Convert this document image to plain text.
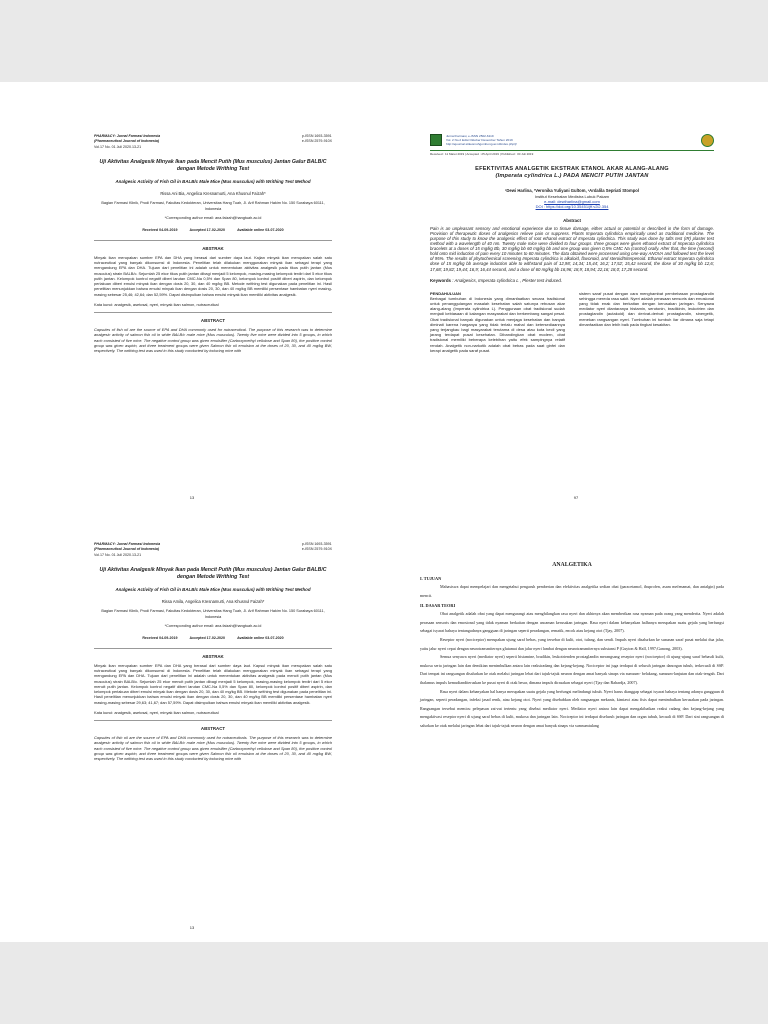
PHARMACY: Jurnal Farmasi Indonesia
(Pharmaceutical Journal of Indonesia)
Vol.17 No. 01 Juli 2020.13-21
p-ISSN 1693-3591
e-ISSN 2579-910X
Uji Aktivitas Analgesik Minyak Ikan pada Mencit Putih (Mus musculus) Jantan Galur BALB/C dengan Metode Writhing Test
Analgesic Activity of Fish Oil in BALB/c Male Mice (Mus musculus) with Writhing Test Method
Rissa Ani Bia, Angelica Kresnamurti, Ana Khusnul Faizah*
Bagian Farmasi Klinik, Prodi Farmasi, Fakultas Kedokteran, Universitas Hang Tuah, Jl. Arif Rahman Hakim No. 150 Surabaya 60111, Indonesia
*Corresponding author email: ana.faizah@hangtuah.ac.id
Received 04-09-2019	Accepted 17-02-2020	Available online 03-07-2020
ABSTRAK
Minyak ikan merupakan sumber EPA dan DHA yang berasal dari sumber daya laut. Kajian minyak ikan merupakan salah satu nutraceutical yang banyak dikonsumsi di Indonesia. Penelitian telah dilakukan menggunakan minyak ikan sebagai terapi yang mengandung EPA dan DHA. Tujuan dari penelitian ini adalah untuk menentukan aktivitas analgesik pada tikus putih jantan (Mus musculus) strain BALB/c. Sejumlah 25 ekor tikus putih jantan dibagi menjadi 5 kelompok, masing-masing kelompok terdiri dari 5 ekor tikus putih jantan. Kelompok kontrol negatif diberi larutan CMC-Na 0,5% dan Span 80, kelompok kontrol positif diberi aspirin, dan kelompok perlakuan diberi emulsi minyak ikan dengan dosis 20, 30, dan 40 mg/kg BB. Metode writhing test digunakan pada penelitian ini. Hasil penelitian menunjukkan bahwa emulsi minyak ikan dengan dosis 20, 30, dan 40 mg/kg BB memiliki persentase hambatan nyeri masing-masing sebesar 25,46; 42,64; dan 52,59%. Dapat disimpulkan bahwa emulsi minyak ikan memiliki aktivitas analgesik.
Kata kunci: analgesik, asetosal, nyeri, minyak ikan salmon, nutraceutical
ABSTRACT
Capsules of fish oil are the source of EPA and DHA commonly used for nutraceutical. The purpose of this research was to determine analgesic activity of salmon fish oil in white BALB/c male mice (Mus musculus). Twenty five mice were divided into 5 groups, in which each consisted of five mice. The negative control group was given emulsifier (Carboxymethyl cellulose and Span 80), the positive control group was given aspirin, and three treatment groups were given Salmon fish oil emulsion at the doses of 20, 30, and 40 mg/kg BW, respectively. The writhing test was used in this study conducted by inducing mice with
13
Jurnal Farmasi, e-ISSN 2502-6119
Vol. 2 No.2 Edisi Oktober Desember Tahun 2019
http://ejournal.stikesmuhgombong.ac.id/index.php/jf
Received : 11 Maret 2019 | Accepted : 25 April 2019 | Published : 30 Juli 2019
EFEKTIVITAS ANALGETIK EKSTRAK ETANOL AKAR ALANG-ALANG
(Imperata cylindrica L.) PADA MENCIT PUTIH JANTAN
¹Dewi Harlina, ²Veronika Yuliyani Gultom, ³Ardalila Sepriati Stompol
Institut Kesehatan Medistra Lubuk Pakam
e-mail: dewiharlina@gmail.com
DOI : https://doi.org/10.35451/jff.v2i2.354
Abstract
Pain is an unpleasant sensory and emotional experience due to tissue damage, either actual or potential or described in the form of damage. Provision of therapeutic doses of analgesics relieve pain or suppress. Plants Imperata cylindrica empirically used as traditional medicine. The purpose of this study to know the analgesic effect of root ethanol extract of Imperata cylindrica. This study was done by tafts test (IR) plaster test method with a wavelength of 40 nm. Twenty male mice were divided to four groups. three groups were given ethanol extract of Imperata cylindrica bracelets at a doses of 15 mg/kg Bb, 30 mg/kg bb 60 mg/kg bb and one group was given 0,5% CMC Na (control) orally. After that, the time (second) hold onto mid induction of pain every 10 minutes to 60 minutes. The data obtained were processed using one-way ANOVA and followed test the level of 95%. The results of phytochemical screening Imperata cylindrica is alkaloid, flavonoid, and steroid/triterpenoid. Ethanol extract Imperata cylindrica dose of 15 mg/kg bb average induction able to withstand pain of 12,98; 14,34; 15,44; 16,2; 17,52; 15,42 second, the dose of 30 mg/kg bb 12,6; 17,68; 19,82; 19,44; 16,9; 16,44 second, and a dose of 60 mg/kg bb 16,96; 18,9; 18,94; 22,16; 18,0; 17,28 second.
Keywords : Analgesics, Imperata cylindrica L , Plester test induced.
PENDAHULUAN
Berbagai tumbuhan di Indonesia yang dimanfaatkan secara tradisional untuk penanggulangan masalah kesehatan salah satunya rebusan akar alang-alang (Imperata cylindrica L). Penggunaan obat tradisional sudah menjadi kebiasaan di kalangan masyarakat dan berkembang sangat pesat. Obat tradisional banyak digunakan untuk menjaga kesehatan dan banyak diminati karena harganya yang tidak terlalu mahal dan ketersediaannya yang terjangkau bagi masyarakat terutama di desa atau kota kecil yang jarang terdapat pusat kesehatan. Dibandingkan obat modern, obat tradisional memiliki beberapa kelebihan yaitu efek sampingnya relatif rendah. Analgetik non-narkotik adalah obat bebas pada saat ginfei dan kerapi analgetik pada saraf pusat.
sistem saraf pusat dengan cara menghambat pembebasan prostaglandin sehingga mereda rasa sakit. Nyeri adalah perasaan sensoris dan emosional yang tidak enak dan berkaitan dengan kerusakan jaringan. Senyawa mediator nyeri diantaranya histamin, serotonin, bradikinin, leukotrien dan prostaglandin (autakoid) dan derivat-derivat prostaglandin, sinergetik, menekan rangsangan nyeri. Tumbuhan ini tumbuh liar dimana saja tetapi dimanfaatkan dan lebih baik pada tingkat kesakitan.
97
PHARMACY: Jurnal Farmasi Indonesia
(Pharmaceutical Journal of Indonesia)
Vol.17 No. 01 Juli 2020.13-21
p-ISSN 1693-3591
e-ISSN 2579-910X
Uji Aktivitas Analgesik Minyak Ikan pada Mencit Putih (Mus musculus) Jantan Galur BALB/C dengan Metode Writhing Test
Analgesic Activity of Fish Oil in BALB/c Male Mice (Mus musculus) with Writhing Test Method
Rissa Amila, Angelica Kresnamurti, Ana Khusnul Faizah*
Bagian Farmasi Klinik, Prodi Farmasi, Fakultas Kedokteran, Universitas Hang Tuah, Jl. Arif Rahman Hakim No. 150 Surabaya 60111, Indonesia
*Corresponding author email: ana.faizah@hangtuah.ac.id
Received 04-09-2019	Accepted 17-02-2020	Available online 03-07-2020
ABSTRAK
Minyak ikan merupakan sumber EPA dan DHA yang berasal dari sumber daya laut. Kapsul minyak ikan merupakan salah satu nutraceutical yang banyak dikonsumsi di Indonesia. Penelitian telah dilakukan menggunakan minyak ikan sebagai terapi yang mengandung EPA dan DHA. Tujuan dari penelitian ini adalah untuk menentukan aktivitas analgesik pada mencit putih jantan (Mus musculus) strain BALB/c. Sejumlah 25 ekor mencit putih jantan dibagi menjadi 5 kelompok, masing-masing kelompok terdiri dari 5 ekor mencit putih jantan. Kelompok kontrol negatif diberi larutan CMC-Na 0,5% dan Span 80, kelompok kontrol positif diberi aspirin, dan kelompok perlakuan diberi emulsi minyak ikan dengan dosis 20, 30, dan 40 mg/kg BB. Metode writhing test digunakan pada penelitian ini. Hasil penelitian menunjukkan bahwa emulsi minyak ikan dengan dosis 20, 30, dan 40 mg/kg BB memiliki persentase hambatan nyeri masing-masing sebesar 29,63; 41,67; dan 57,59%. Dapat disimpulkan bahwa emulsi minyak ikan memiliki aktivitas analgesik.
Kata kunci: analgesik, asetosal, nyeri, minyak ikan salmon, nutraceutical
ABSTRACT
Capsules of fish oil are the source of EPA and DHA commonly used for nutraceuticals. The purpose of this research was to determine analgesic activity of salmon fish oil in white BALB/c male mice (Mus musculus). Twenty five mice were divided into 5 groups, in which each consisted of five mice. The negative control group was given emulsifier (Carboxymethyl cellulose and Span 80), the positive control group was given aspirin, and three treatment groups were given Salmon fish oil emulsion at the doses of 20, 30, and 40 mg/kg BW, respectively. The writhing test was used in this study conducted by inducing mice with
13
ANALGETIKA
I. TUJUAN

Mahasiswa dapat mempelajari dan mengetahui pengaruh pemberian dan efektivitas analgetika sedian obat (paracetamol, ibuprofen, asam mefenamat, dan antalgin) pada mencit.

II. DASAR TEORI

Obat analgetik adalah obat yang dapat mengurangi atau menghilangkan rasa nyeri dan akhirnya akan memberikan rasa nyaman pada orang yang menderita. Nyeri adalah perasaan sensoris dan emosional yang tidak nyaman berkaitan dengan ancaman kerusakan jaringan. Rasa nyeri dalam kebanyakan halhanya merupakan suatu gejala yang berfungsi sebagai isyarat bahaya tentangadanya gangguan di jaringan seperti peradangan, rematik, encok atau kejang otot (Tjay, 2007).

Reseptor nyeri (nociceptor) merupakan ujung saraf bebas, yang tersebar di kulit, otot, tulang, dan sendi. Impuls nyeri disalurkan ke susunan saraf pusat melalui dua jalur, yaitu jalur nyeri cepat dengan neurotransmiternya glutamat dan jalur nyeri lambat dengan neurotransmiternya substansi P (Guyton & Hall, 1997;Ganong, 2003).

Semua senyawa nyeri (mediator nyeri) seperti histamine, bradikin, leukotrienden prostaglandin merangsang reseptor nyeri (nociceptor) di ujung-ujung saraf bebasdi kulit, mukosa serta jaringan lain dan demikian menimbulkan antara lain reaksiradang dan kejang-kejang. Nociceptor ini juga terdapat di seluruh jaringan danorgan tubuh, terkecuali di SSP. Dari tempat ini rangsangan disalurkan ke otak melalui jaringan lebat dari tajuk-tajuk neuron dengan amat banyak sinaps via sumsum- belakang, sumsum-lanjutan dan otak-tengah. Dari thalamus impuls kemudianditeruskan ke pusat nyeri di otak besar, dimana impuls dirasakan sebagai nyeri (Tjay dan Rahardja, 2007).

Rasa nyeri dalam kebanyakan hal hanya merupakan suatu gejala yang berfungsi melindungi tubuh. Nyeri harus dianggap sebagai isyarat bahaya tentang adanya gangguan di jaringan, seperti peradangan, infeksi jasad renik, atau kejang otot. Nyeri yang disebabkan oleh rangsangan mekanis, kimiawi atau fisis dapat menimbulkan kerusakan pada jaringan. Rangsangan tersebut memicu pelepasan zat-zat tertentu yang disebut mediator nyeri. Mediator nyeri antara lain dapat mengakibatkan reaksi radang dan kejang-kejang yang mengaktivasi reseptor nyeri di ujung saraf bebas di kulit, mukosa dan jaringan lain. Nociceptor ini terdapat diseluruh jaringan dan organ tubuh, kecuali di SSP. Dari sini rangsangan di salurkan ke otak melalui jaringan lebat dari tajuk-tajuk neuron dengan amat banyak sinaps via sumsumtulang
